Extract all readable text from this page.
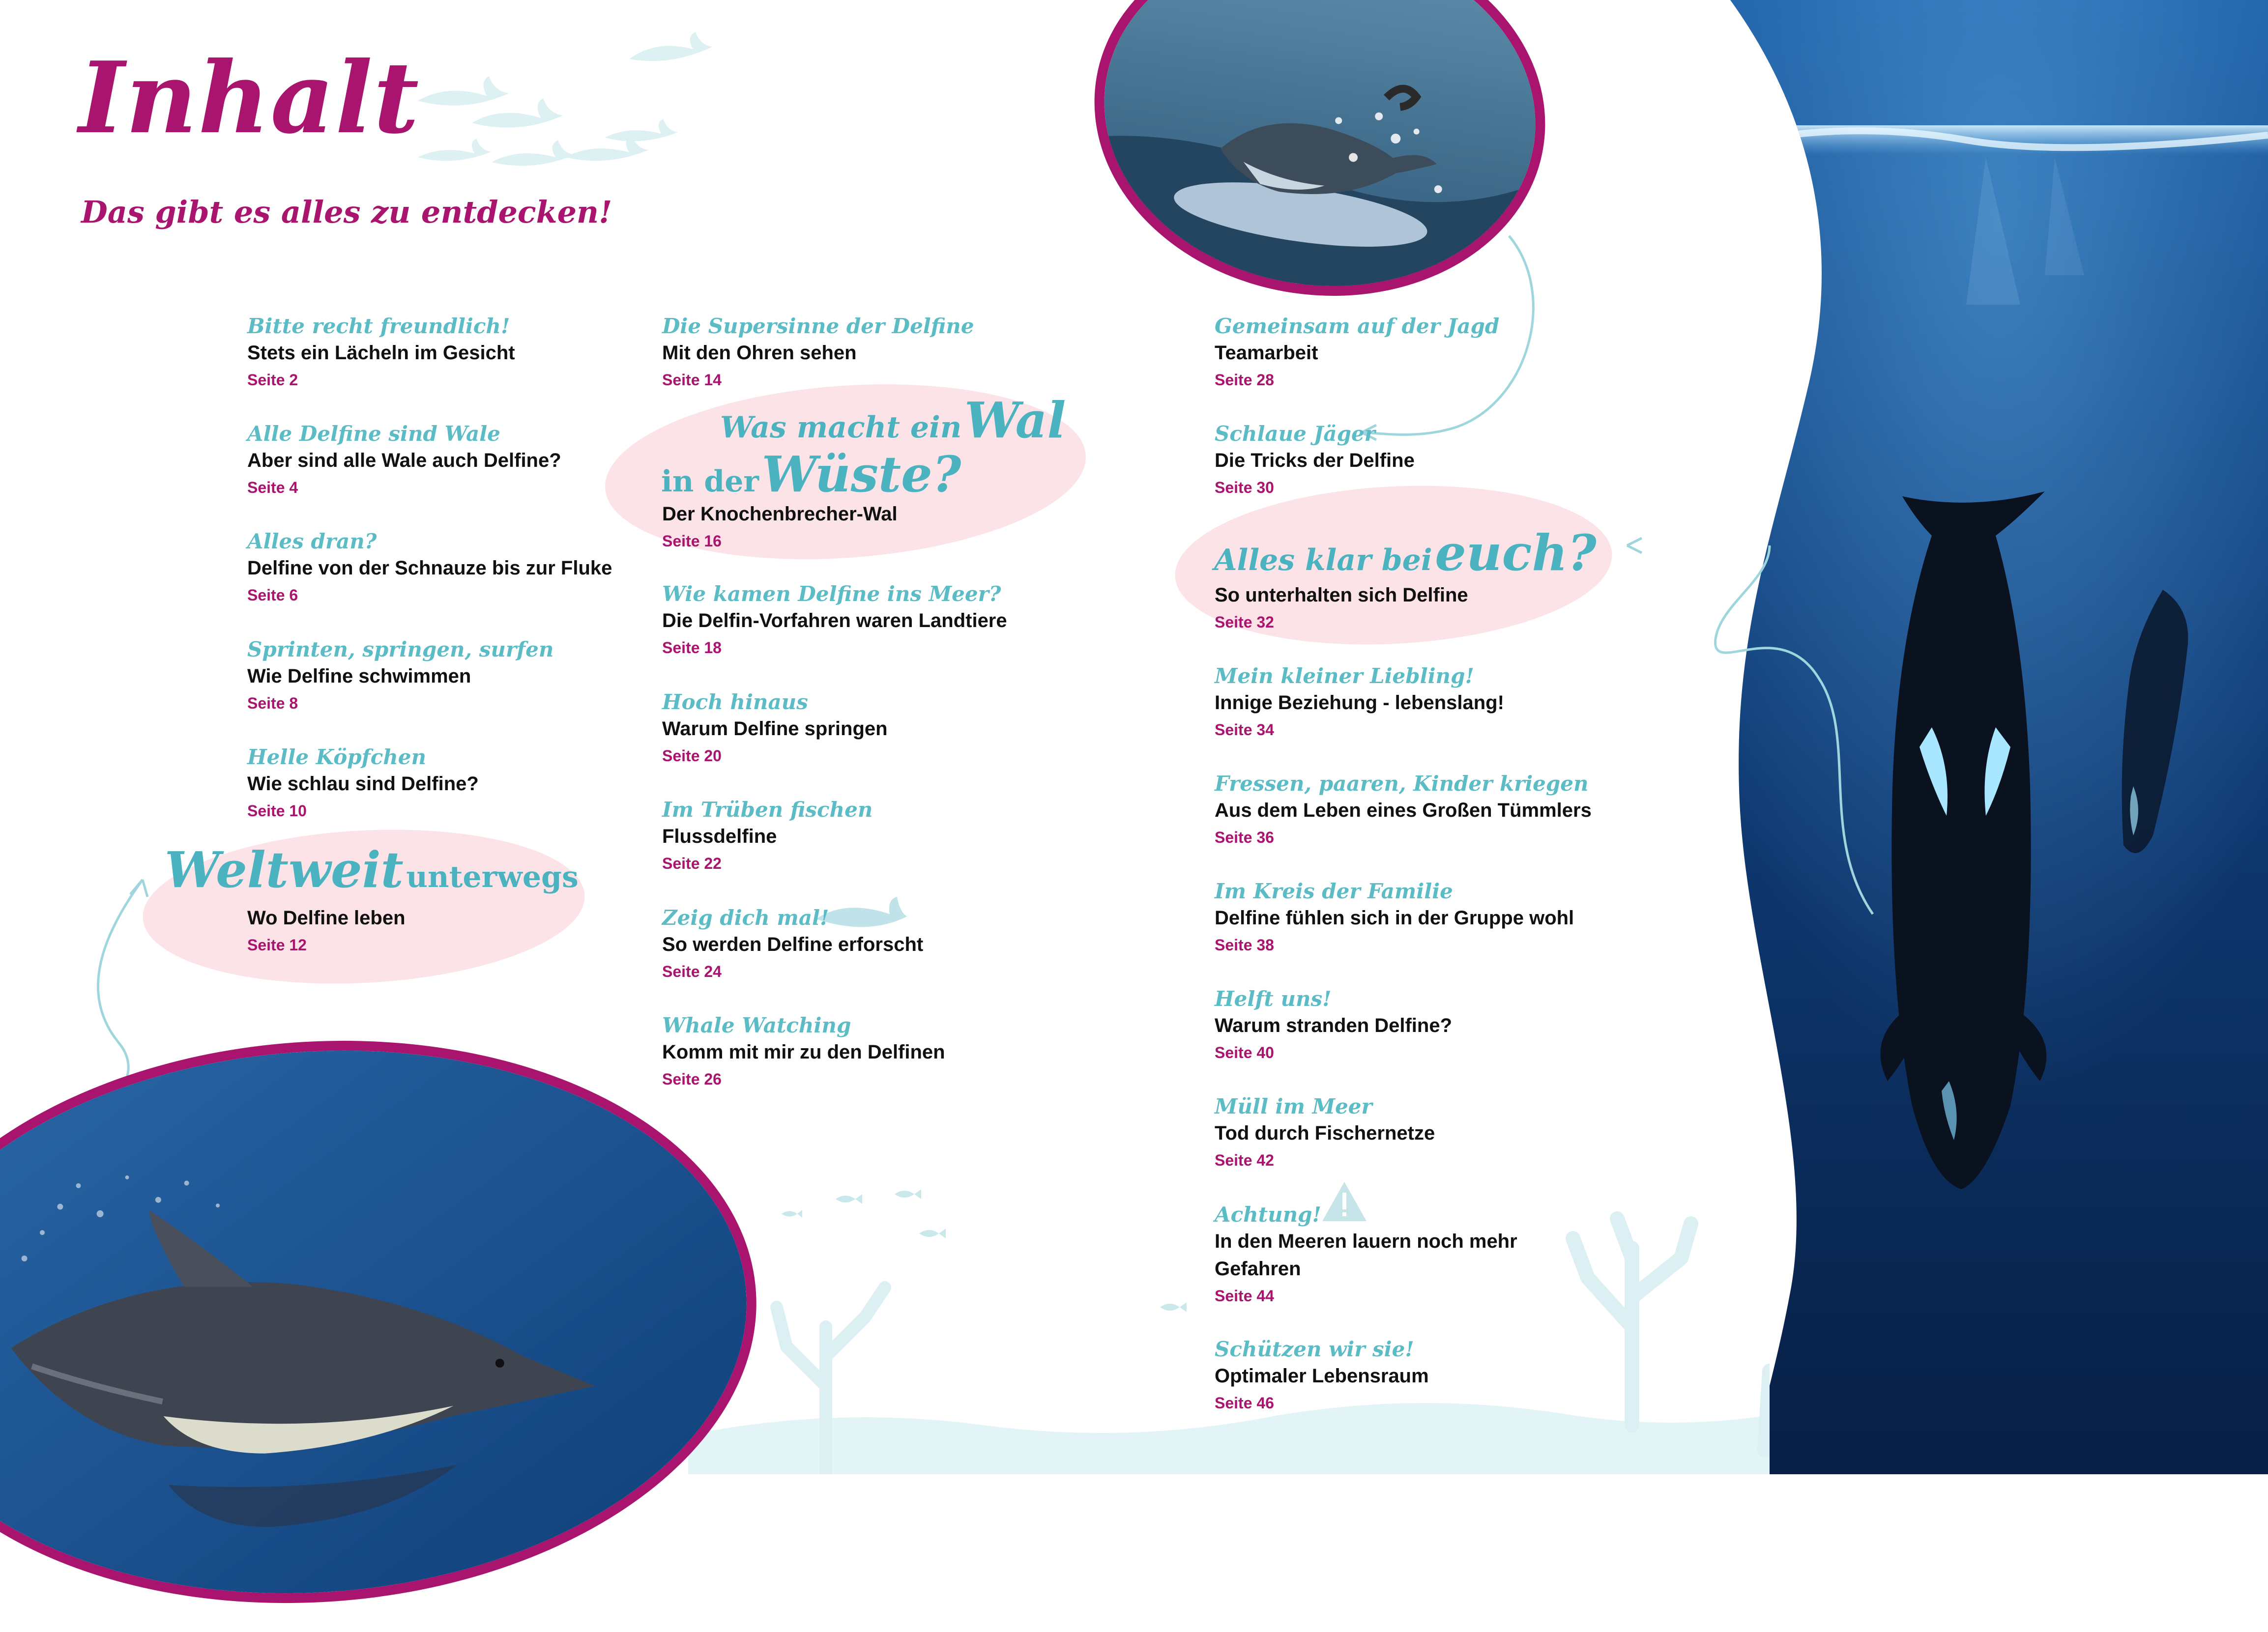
Inhalt
Das gibt es alles zu entdecken!
Weltweit unterwegs
Was macht ein Wal
in der Wüste?
Alles klar bei euch?
Bitte recht freundlich!
Stets ein Lächeln im Gesicht
Seite 2
Alle Delfine sind Wale
Aber sind alle Wale auch Delfine?
Seite 4
Alles dran?
Delfine von der Schnauze bis zur Fluke
Seite 6
Sprinten, springen, surfen
Wie Delfine schwimmen
Seite 8
Helle Köpfchen
Wie schlau sind Delfine?
Seite 10
Wo Delfine leben
Seite 12
Die Supersinne der Delfine
Mit den Ohren sehen
Seite 14
Der Knochenbrecher-Wal
Seite 16
Wie kamen Delfine ins Meer?
Die Delfin-Vorfahren waren Landtiere
Seite 18
Hoch hinaus
Warum Delfine springen
Seite 20
Im Trüben fischen
Flussdelfine
Seite 22
Zeig dich mal!
So werden Delfine erforscht
Seite 24
Whale Watching
Komm mit mir zu den Delfinen
Seite 26
Gemeinsam auf der Jagd
Teamarbeit
Seite 28
Schlaue Jäger
Die Tricks der Delfine
Seite 30
So unterhalten sich Delfine
Seite 32
Mein kleiner Liebling!
Innige Beziehung - lebenslang!
Seite 34
Fressen, paaren, Kinder kriegen
Aus dem Leben eines Großen Tümmlers
Seite 36
Im Kreis der Familie
Delfine fühlen sich in der Gruppe wohl
Seite 38
Helft uns!
Warum stranden Delfine?
Seite 40
Müll im Meer
Tod durch Fischernetze
Seite 42
Achtung!
In den Meeren lauern noch mehr Gefahren
Seite 44
Schützen wir sie!
Optimaler Lebensraum
Seite 46
